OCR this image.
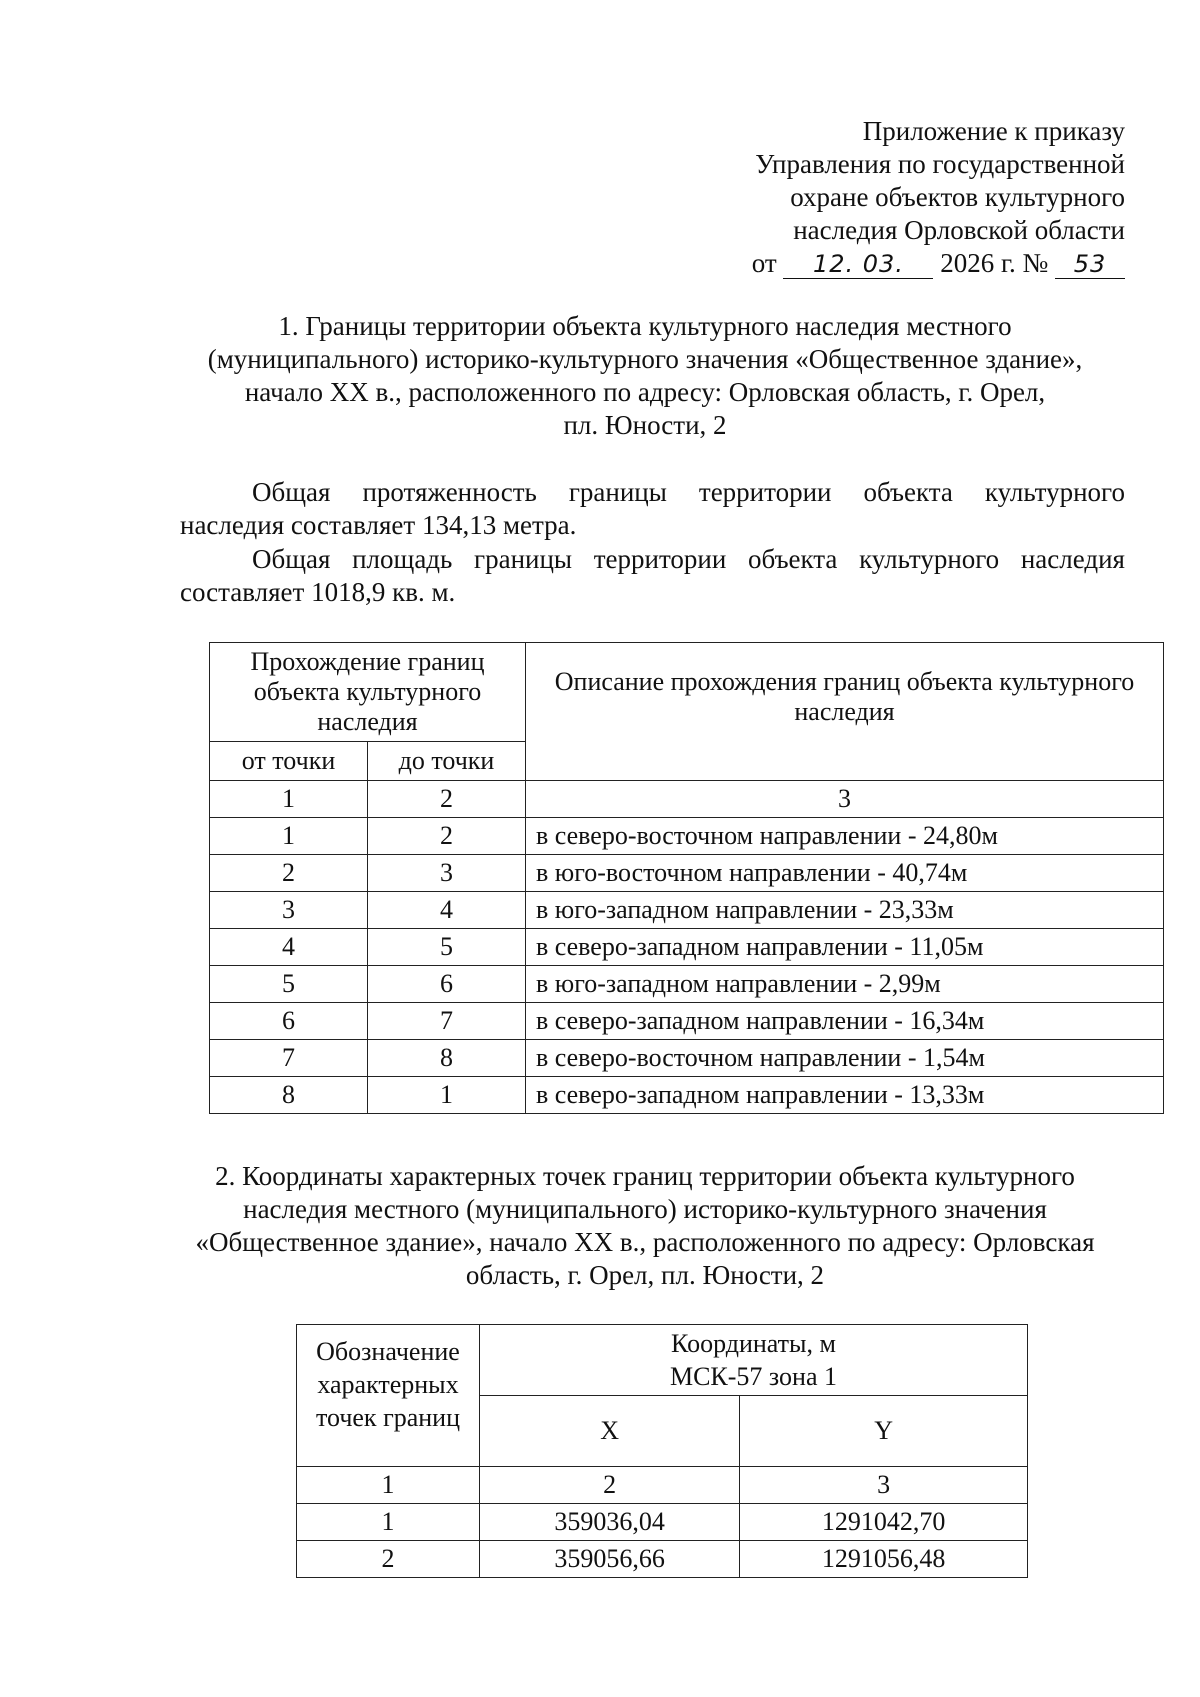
Приложение к приказу
Управления по государственной
охране объектов культурного
наследия Орловской области
от 12. 03. 2026 г. № 53
1. Границы территории объекта культурного наследия местного
(муниципального) историко-культурного значения «Общественное здание»,
начало XX в., расположенного по адресу: Орловская область, г. Орел,
пл. Юности, 2
Общая протяженность границы территории объекта культурного
наследия составляет 134,13 метра.
Общая площадь границы территории объекта культурного наследия
составляет 1018,9 кв. м.
Прохождение границ объекта культурного наследия		Описание прохождения границ объекта культурного наследия
от точки	до точки	
1	2	3
1	2	в северо-восточном направлении - 24,80м
2	3	в юго-восточном направлении - 40,74м
3	4	в юго-западном направлении - 23,33м
4	5	в северо-западном направлении - 11,05м
5	6	в юго-западном направлении - 2,99м
6	7	в северо-западном направлении - 16,34м
7	8	в северо-восточном направлении - 1,54м
8	1	в северо-западном направлении - 13,33м
2. Координаты характерных точек границ территории объекта культурного
наследия местного (муниципального) историко-культурного значения
«Общественное здание», начало XX в., расположенного по адресу: Орловская
область, г. Орел, пл. Юности, 2
Обозначение характерных точек границ	Координаты, м
МСК-57 зона 1	
	X	Y
1	2	3
1	359036,04	1291042,70
2	359056,66	1291056,48
